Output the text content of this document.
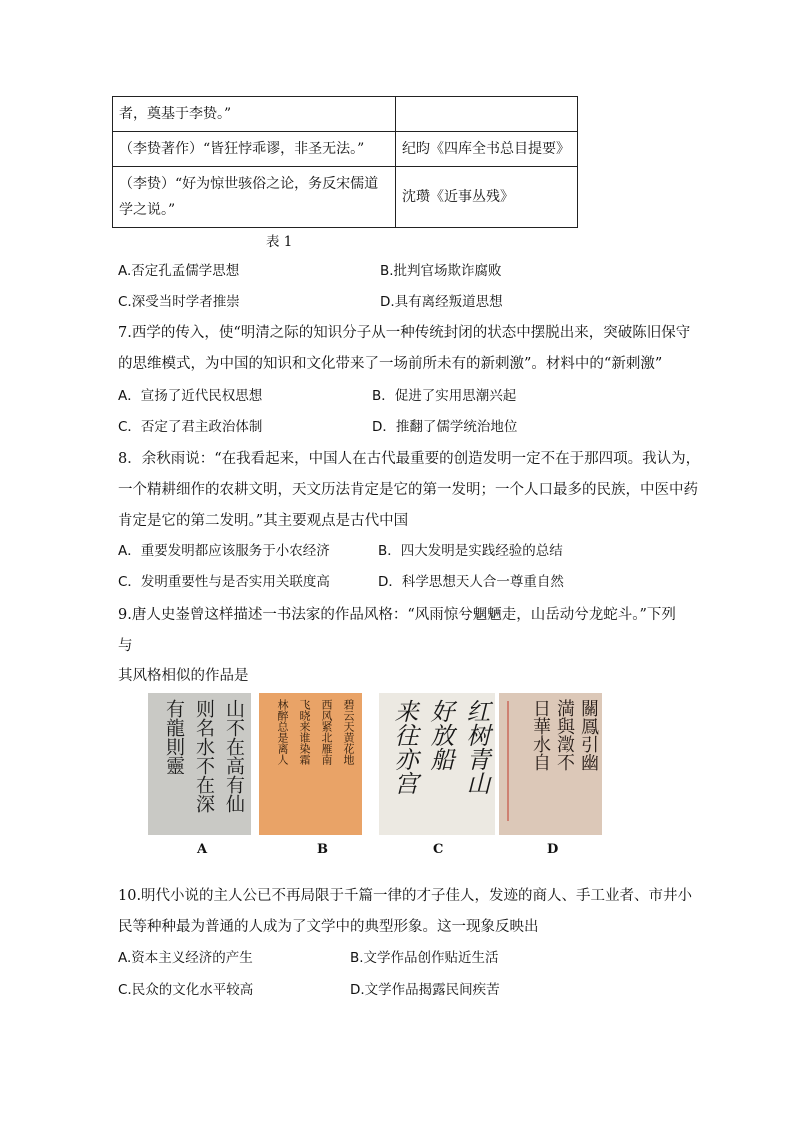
者，奠基于李贽。”	
（李贽著作）“皆狂悖乖谬，非圣无法。”	纪昀《四库全书总目提要》
（李贽）“好为惊世骇俗之论，务反宋儒道学之说。”	沈瓒《近事丛残》
表 1
A.否定孔孟儒学思想	B.批判官场欺诈腐败
C.深受当时学者推崇	D.具有离经叛道思想
7.西学的传入，使“明清之际的知识分子从一种传统封闭的状态中摆脱出来，突破陈旧保守
的思维模式，为中国的知识和文化带来了一场前所未有的新刺激”。材料中的“新刺激”
A．宣扬了近代民权思想	B．促进了实用思潮兴起
C．否定了君主政治体制	D．推翻了儒学统治地位
8．余秋雨说：“在我看起来，中国人在古代最重要的创造发明一定不在于那四项。我认为，
一个精耕细作的农耕文明，天文历法肯定是它的第一发明；一个人口最多的民族，中医中药
肯定是它的第二发明。”其主要观点是古代中国
A．重要发明都应该服务于小农经济	B．四大发明是实践经验的总结
C．发明重要性与是否实用关联度高	D．科学思想天人合一尊重自然
9.唐人史崟曾这样描述一书法家的作品风格：“风雨惊兮魍魉走，山岳动兮龙蛇斗。”下列
与
其风格相似的作品是
山不在高有仙
则名水不在深
有龍則靈	碧云天黄花地
西风紧北雁南
飞晓来谁染霜
林醉总是离人	红树青山
好放船
来往亦宫	關鳳引幽
満與澂不
日華水自
A	B	C	D
10.明代小说的主人公已不再局限于千篇一律的才子佳人，发迹的商人、手工业者、市井小
民等种种最为普通的人成为了文学中的典型形象。这一现象反映出
A.资本主义经济的产生	B.文学作品创作贴近生活
C.民众的文化水平较高	D.文学作品揭露民间疾苦
